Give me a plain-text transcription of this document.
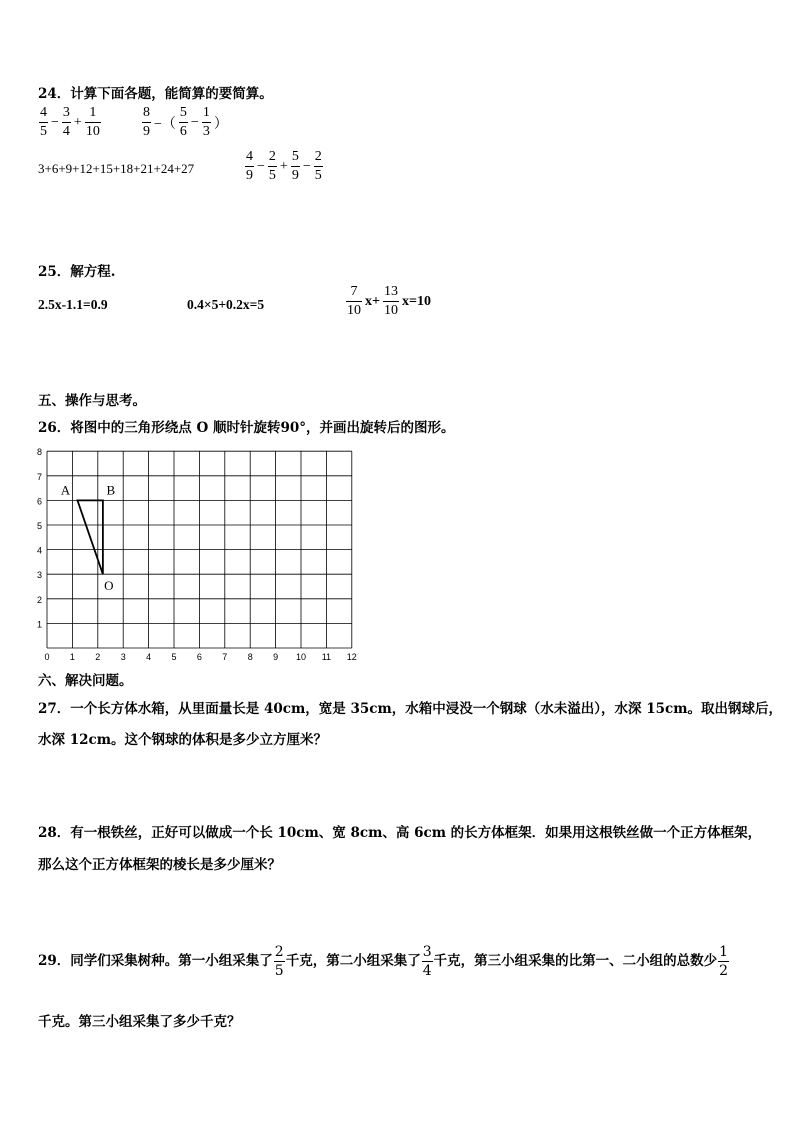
24．计算下面各题，能简算的要简算。
$\frac{4}{5} - \frac{3}{4} + \frac{1}{10}$	$\frac{8}{9}$ −（ $\frac{5}{6} - \frac{1}{3}$ ）
3+6+9+12+15+18+21+24+27	$\frac{4}{9} - \frac{2}{5} + \frac{5}{9} - \frac{2}{5}$
25．解方程.
2.5x-1.1=0.9	0.4×5+0.2x=5	$\frac{7}{10} x+ \frac{13}{10} x=10$
五、操作与思考。
26．将图中的三角形绕点 O 顺时针旋转90°，并画出旋转后的图形。
0 1 2 3 4 5 6 7 8 9 10 11 12
1
2
3
4
5
6
7
8
A	B
O
六、解决问题。
27．一个长方体水箱，从里面量长是 40cm，宽是 35cm，水箱中浸没一个钢球（水未溢出），水深 15cm。取出钢球后，
水深 12cm。这个钢球的体积是多少立方厘米？
28．有一根铁丝，正好可以做成一个长 10cm、宽 8cm、高 6cm 的长方体框架．如果用这根铁丝做一个正方体框架，
那么这个正方体框架的棱长是多少厘米？
29．同学们采集树种。第一小组采集了 $\frac{2}{5}$ 千克，第二小组采集了 $\frac{3}{4}$ 千克，第三小组采集的比第一、二小组的总数少 $\frac{1}{2}$
千克。第三小组采集了多少千克？
